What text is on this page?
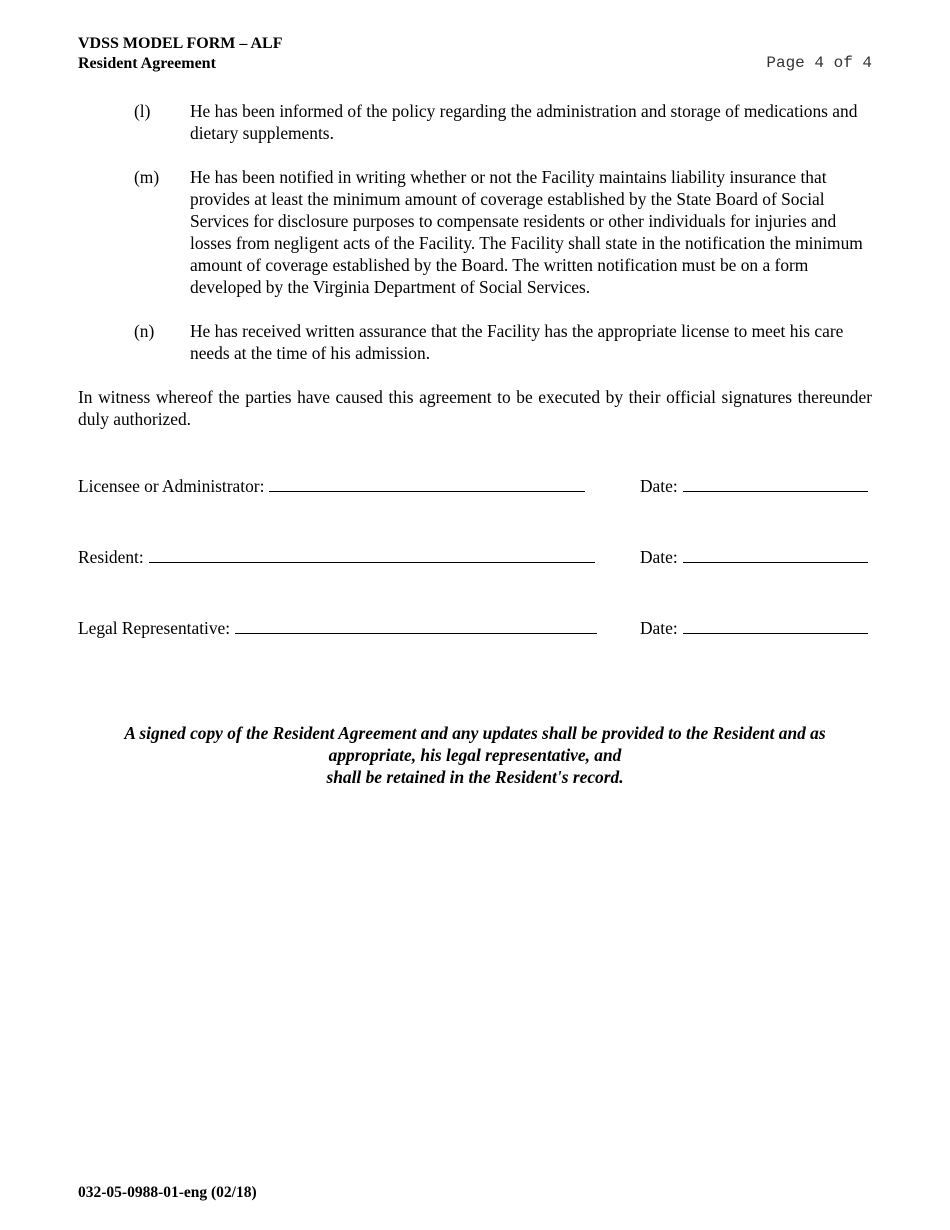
VDSS MODEL FORM – ALF
Resident Agreement	Page 4 of 4
(l) He has been informed of the policy regarding the administration and storage of medications and dietary supplements.
(m) He has been notified in writing whether or not the Facility maintains liability insurance that provides at least the minimum amount of coverage established by the State Board of Social Services for disclosure purposes to compensate residents or other individuals for injuries and losses from negligent acts of the Facility. The Facility shall state in the notification the minimum amount of coverage established by the Board. The written notification must be on a form developed by the Virginia Department of Social Services.
(n) He has received written assurance that the Facility has the appropriate license to meet his care needs at the time of his admission.
In witness whereof the parties have caused this agreement to be executed by their official signatures thereunder duly authorized.
Licensee or Administrator:	Date:
Resident:	Date:
Legal Representative:	Date:
A signed copy of the Resident Agreement and any updates shall be provided to the Resident and as
appropriate, his legal representative, and
shall be retained in the Resident's record.
032-05-0988-01-eng (02/18)
